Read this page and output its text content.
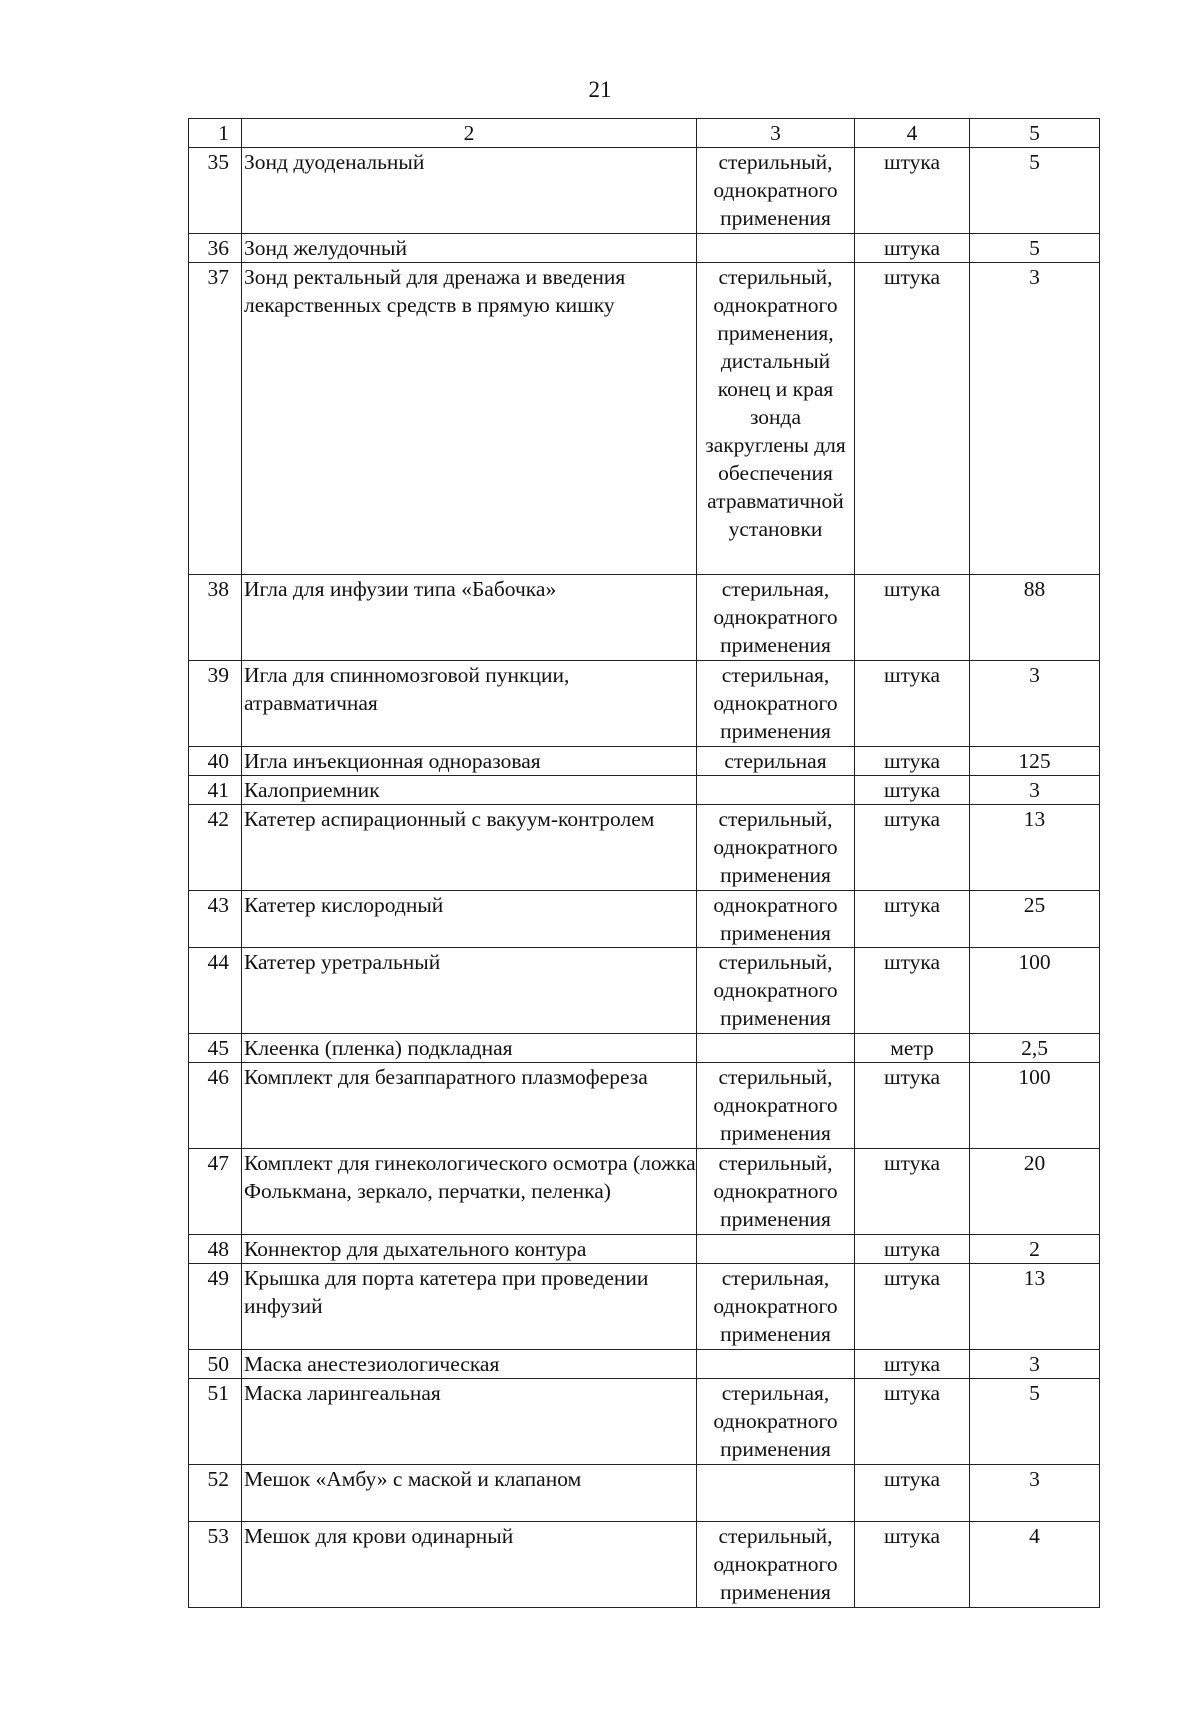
21
1	2	3	4	5
35	Зонд дуоденальный	стерильный, однократного применения	штука	5
36	Зонд желудочный		штука	5
37	Зонд ректальный для дренажа и введения лекарственных средств в прямую кишку	стерильный, однократного применения, дистальный конец и края зонда закруглены для обеспечения атравматичной установки	штука	3
38	Игла для инфузии типа «Бабочка»	стерильная, однократного применения	штука	88
39	Игла для спинномозговой пункции, атравматичная	стерильная, однократного применения	штука	3
40	Игла инъекционная одноразовая	стерильная	штука	125
41	Калоприемник		штука	3
42	Катетер аспирационный с вакуум-контролем	стерильный, однократного применения	штука	13
43	Катетер кислородный	однократного применения	штука	25
44	Катетер уретральный	стерильный, однократного применения	штука	100
45	Клеенка (пленка) подкладная		метр	2,5
46	Комплект для безаппаратного плазмофереза	стерильный, однократного применения	штука	100
47	Комплект для гинекологического осмотра (ложка Фолькмана, зеркало, перчатки, пеленка)	стерильный, однократного применения	штука	20
48	Коннектор для дыхательного контура		штука	2
49	Крышка для порта катетера при проведении инфузий	стерильная, однократного применения	штука	13
50	Маска анестезиологическая		штука	3
51	Маска ларингеальная	стерильная, однократного применения	штука	5
52	Мешок «Амбу» с маской и клапаном		штука	3
53	Мешок для крови одинарный	стерильный, однократного применения	штука	4
